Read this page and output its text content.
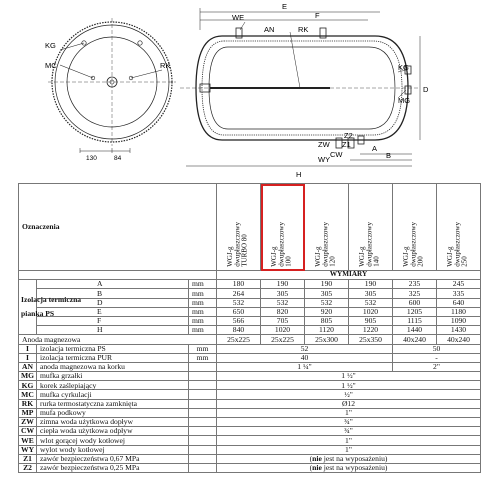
KG
MC	RK
130	84
WE
AN	RK
KG
MG
ZW
Z2
Z1
CW
WY
E
F
A
B
D
H
Oznaczenia			WGJ-g
dwupłaszczowy
TURBO 80	WGJ-g
dwupłaszczowy
100	WGJ-g
dwupłaszczowy
120	WGJ-g
dwupłaszczowy
140	WGJ-g
dwupłaszczowy
200	WGJ-g
dwupłaszczowy
250

			WYMIARY					
Izolacja termiczna
pianka PS	A	mm	180	190	190	190	235	245
	B	mm	264	305	305	305	325	335
	D	mm	532	532	532	532	600	640
	E	mm	650	820	920	1020	1205	1180
	F	mm	566	705	805	905	1115	1090
	H	mm	840	1020	1120	1220	1440	1430
Anoda magnezowa			25x225	25x225	25x300	25x350	40x240	40x240
I	izolacja termiczna PS	mm	52				50	
I	izolacja termiczna PUR	mm	40				-	
AN	anoda magnezowa na korku		1 ¼"				2"	
MG	mufka grzałki		1 ½"					
KG	korek zaślepiający		1 ½"					
MC	mufka cyrkulacji		½"					
RK	rurka termostatyczna zamknięta		Ø12					
MP	mufa podkowy		1"					
ZW	zimna woda użytkowa dopływ		¾"					
CW	ciepła woda użytkowa odpływ		¾"					
WE	wlot gorącej wody kotłowej		1"					
WY	wylot wody kotłowej		1"					
Z1	zawór bezpieczeństwa 0,67 MPa		(nie jest na wyposażeniu)					
Z2	zawór bezpieczeństwa 0,25 MPa		(nie jest na wyposażeniu)					
